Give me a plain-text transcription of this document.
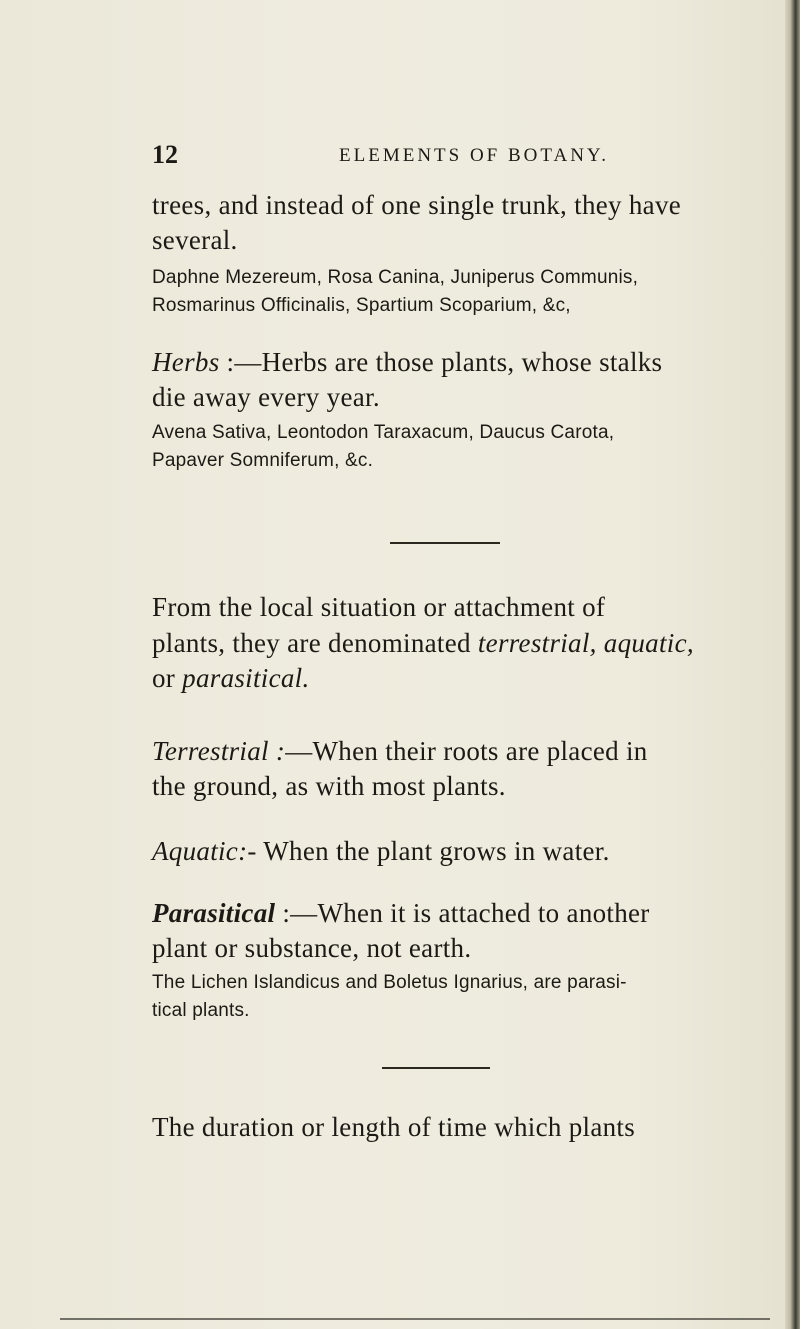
12	ELEMENTS OF BOTANY.

trees, and instead of one single trunk, they have

several.

Daphne Mezereum, Rosa Canina, Juniperus Communis,

Rosmarinus Officinalis, Spartium Scoparium, &c,

Herbs :—Herbs are those plants, whose stalks

die away every year.

Avena Sativa, Leontodon Taraxacum, Daucus Carota,

Papaver Somniferum, &c.

From the local situation or attachment of

plants, they are denominated terrestrial, aquatic,

or parasitical.

Terrestrial :—When their roots are placed in

the ground, as with most plants.

Aquatic:- When the plant grows in water.

Parasitical :—When it is attached to another

plant or substance, not earth.

The Lichen Islandicus and Boletus Ignarius, are parasi-

tical plants.

The duration or length of time which plants
